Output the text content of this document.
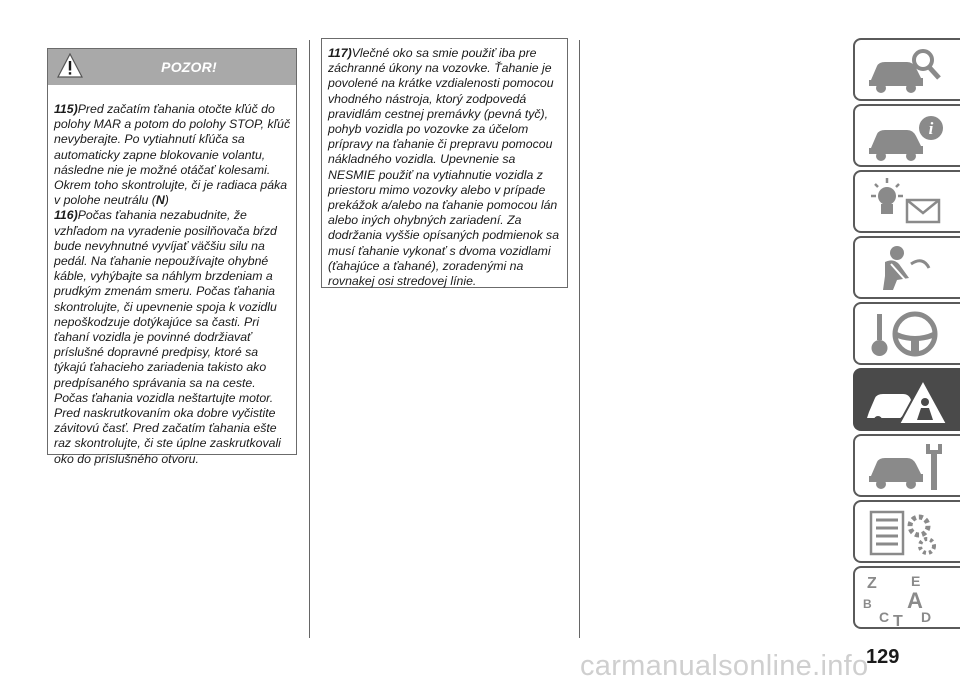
POZOR!

115)Pred začatím ťahania otočte kľúč do polohy MAR a potom do polohy STOP, kľúč nevyberajte. Po vytiahnutí kľúča sa automaticky zapne blokovanie volantu, následne nie je možné otáčať kolesami. Okrem toho skontrolujte, či je radiaca páka v polohe neutrálu (N)

116)Počas ťahania nezabudnite, že vzhľadom na vyradenie posilňovača bŕzd bude nevyhnutné vyvíjať väčšiu silu na pedál. Na ťahanie nepoužívajte ohybné káble, vyhýbajte sa náhlym brzdeniam a prudkým zmenám smeru. Počas ťahania skontrolujte, či upevnenie spoja k vozidlu nepoškodzuje dotýkajúce sa časti. Pri ťahaní vozidla je povinné dodržiavať príslušné dopravné predpisy, ktoré sa týkajú ťahacieho zariadenia takisto ako predpísaného správania sa na ceste. Počas ťahania vozidla neštartujte motor. Pred naskrutkovaním oka dobre vyčistite závitovú časť. Pred začatím ťahania ešte raz skontrolujte, či ste úplne zaskrutkovali oko do príslušného otvoru.

117)Vlečné oko sa smie použiť iba pre záchranné úkony na vozovke. Ťahanie je povolené na krátke vzdialenosti pomocou vhodného nástroja, ktorý zodpovedá pravidlám cestnej premávky (pevná tyč), pohyb vozidla po vozovke za účelom prípravy na ťahanie či prepravu pomocou nákladného vozidla. Upevnenie sa NESMIE použiť na vytiahnutie vozidla z priestoru mimo vozovky alebo v prípade prekážok a/alebo na ťahanie pomocou lán alebo iných ohybných zariadení. Za dodržania vyššie opísaných podmienok sa musí ťahanie vykonať s dvoma vozidlami (ťahajúce a ťahané), zoradenými na rovnakej osi stredovej línie.

i
Z E
B A
C D
T
129
carmanualsonline.info
